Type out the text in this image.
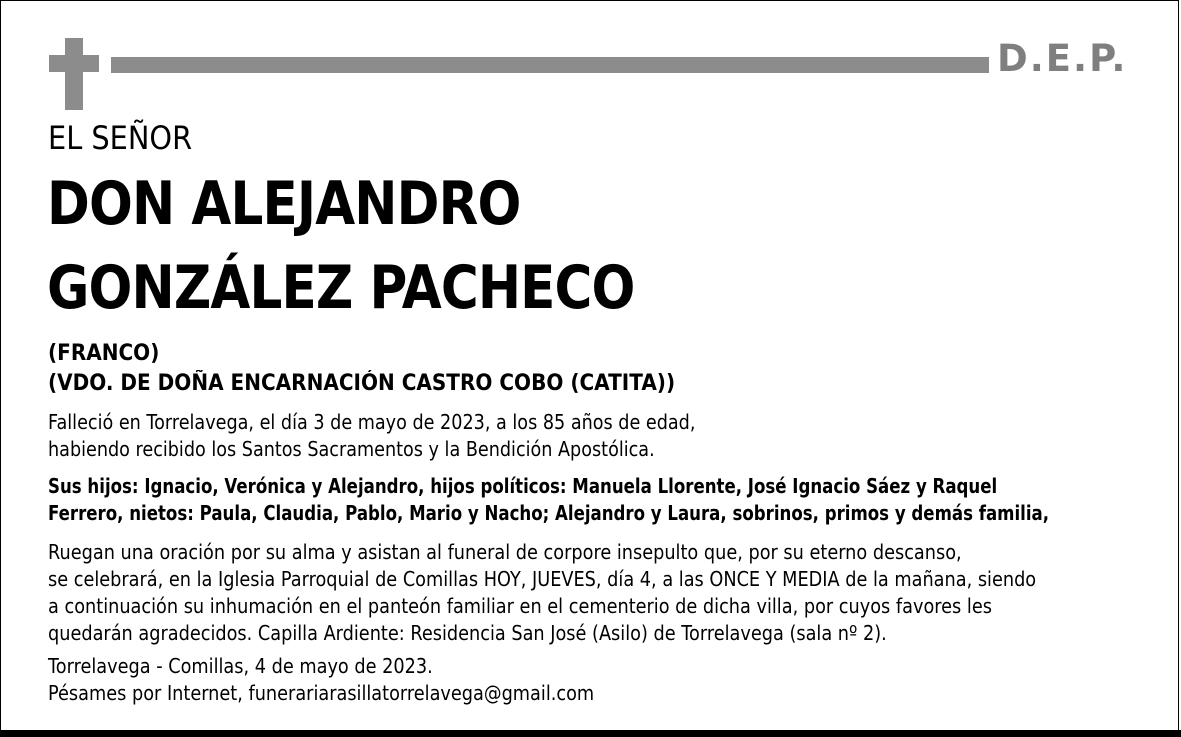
D.E.P.
EL SEÑOR
DON ALEJANDRO
GONZÁLEZ PACHECO
(FRANCO)
(VDO. DE DOÑA ENCARNACIÓN CASTRO COBO (CATITA))
Falleció en Torrelavega, el día 3 de mayo de 2023, a los 85 años de edad,
habiendo recibido los Santos Sacramentos y la Bendición Apostólica.
Sus hijos: Ignacio, Verónica y Alejandro, hijos políticos: Manuela Llorente, José Ignacio Sáez y Raquel
Ferrero, nietos: Paula, Claudia, Pablo, Mario y Nacho; Alejandro y Laura, sobrinos, primos y demás familia,
Ruegan una oración por su alma y asistan al funeral de corpore insepulto que, por su eterno descanso,
se celebrará, en la Iglesia Parroquial de Comillas HOY, JUEVES, día 4, a las ONCE Y MEDIA de la mañana, siendo
a continuación su inhumación en el panteón familiar en el cementerio de dicha villa, por cuyos favores les
quedarán agradecidos. Capilla Ardiente: Residencia San José (Asilo) de Torrelavega (sala nº 2).
Torrelavega - Comillas, 4 de mayo de 2023.
Pésames por Internet, funerariarasillatorrelavega@gmail.com
